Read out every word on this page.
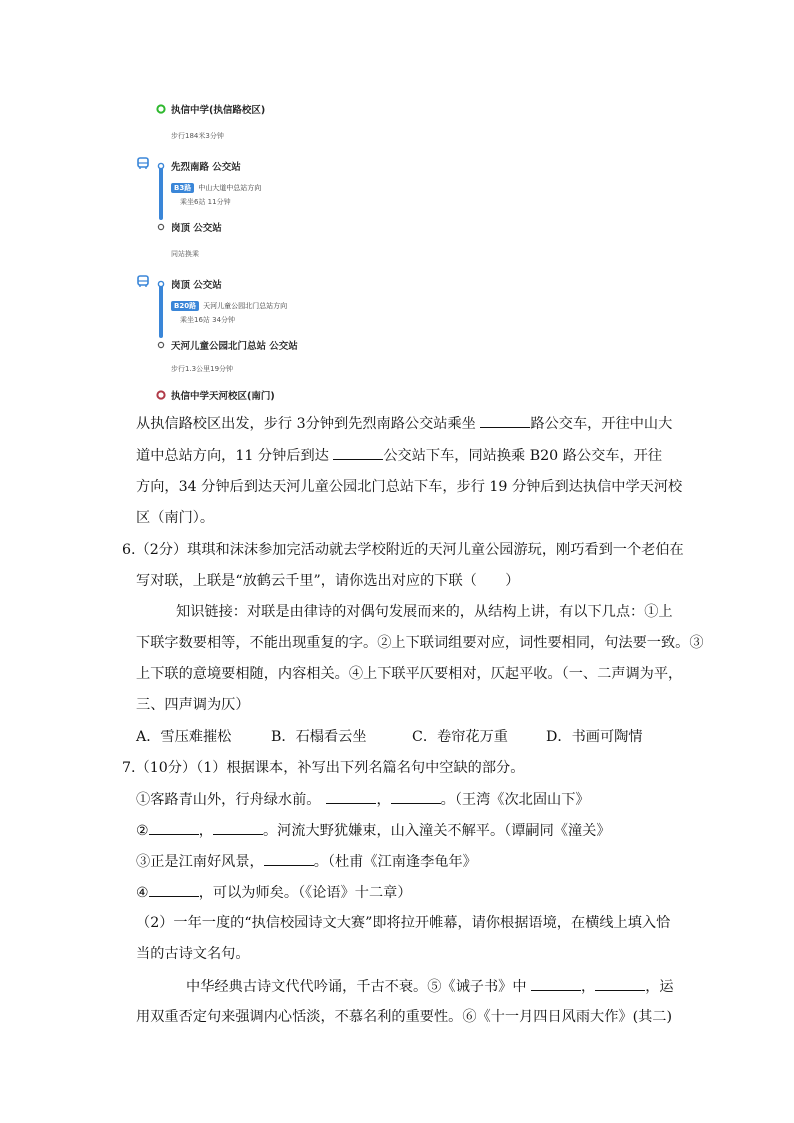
执信中学(执信路校区)
步行184米3分钟
先烈南路 公交站
B3路 中山大道中总站方向
乘坐6站 11分钟
岗顶 公交站
同站换乘
岗顶 公交站
B20路 天河儿童公园北门总站方向
乘坐16站 34分钟
天河儿童公园北门总站 公交站
步行1.3公里19分钟
执信中学天河校区(南门)
从执信路校区出发，步行 3分钟到先烈南路公交站乘坐	路公交车，开往中山大
道中总站方向，11 分钟后到达	公交站下车，同站换乘 B20 路公交车，开往
方向，34 分钟后到达天河儿童公园北门总站下车，步行 19 分钟后到达执信中学天河校
区（南门）。
6.（2分）琪琪和沫沫参加完活动就去学校附近的天河儿童公园游玩，刚巧看到一个老伯在
写对联，上联是“放鹤云千里”，请你选出对应的下联（　　）
知识链接：对联是由律诗的对偶句发展而来的，从结构上讲，有以下几点：①上
下联字数要相等，不能出现重复的字。②上下联词组要对应，词性要相同，句法要一致。③
上下联的意境要相随，内容相关。④上下联平仄要相对，仄起平收。（一、二声调为平，
三、四声调为仄）
A．雪压难摧松	B．石榻看云坐	C．卷帘花万重	D．书画可陶情
7.（10分）（1）根据课本，补写出下列名篇名句中空缺的部分。
①客路青山外，行舟绿水前。	，	。（王湾《次北固山下》
②	，	。河流大野犹嫌束，山入潼关不解平。（谭嗣同《潼关》
③正是江南好风景，	。（杜甫《江南逢李龟年》
④	，可以为师矣。（《论语》十二章）
（2）一年一度的“执信校园诗文大赛”即将拉开帷幕，请你根据语境，在横线上填入恰
当的古诗文名句。
中华经典古诗文代代吟诵，千古不衰。⑤《诫子书》中	，	，运
用双重否定句来强调内心恬淡，不慕名利的重要性。⑥《十一月四日风雨大作》(其二)
